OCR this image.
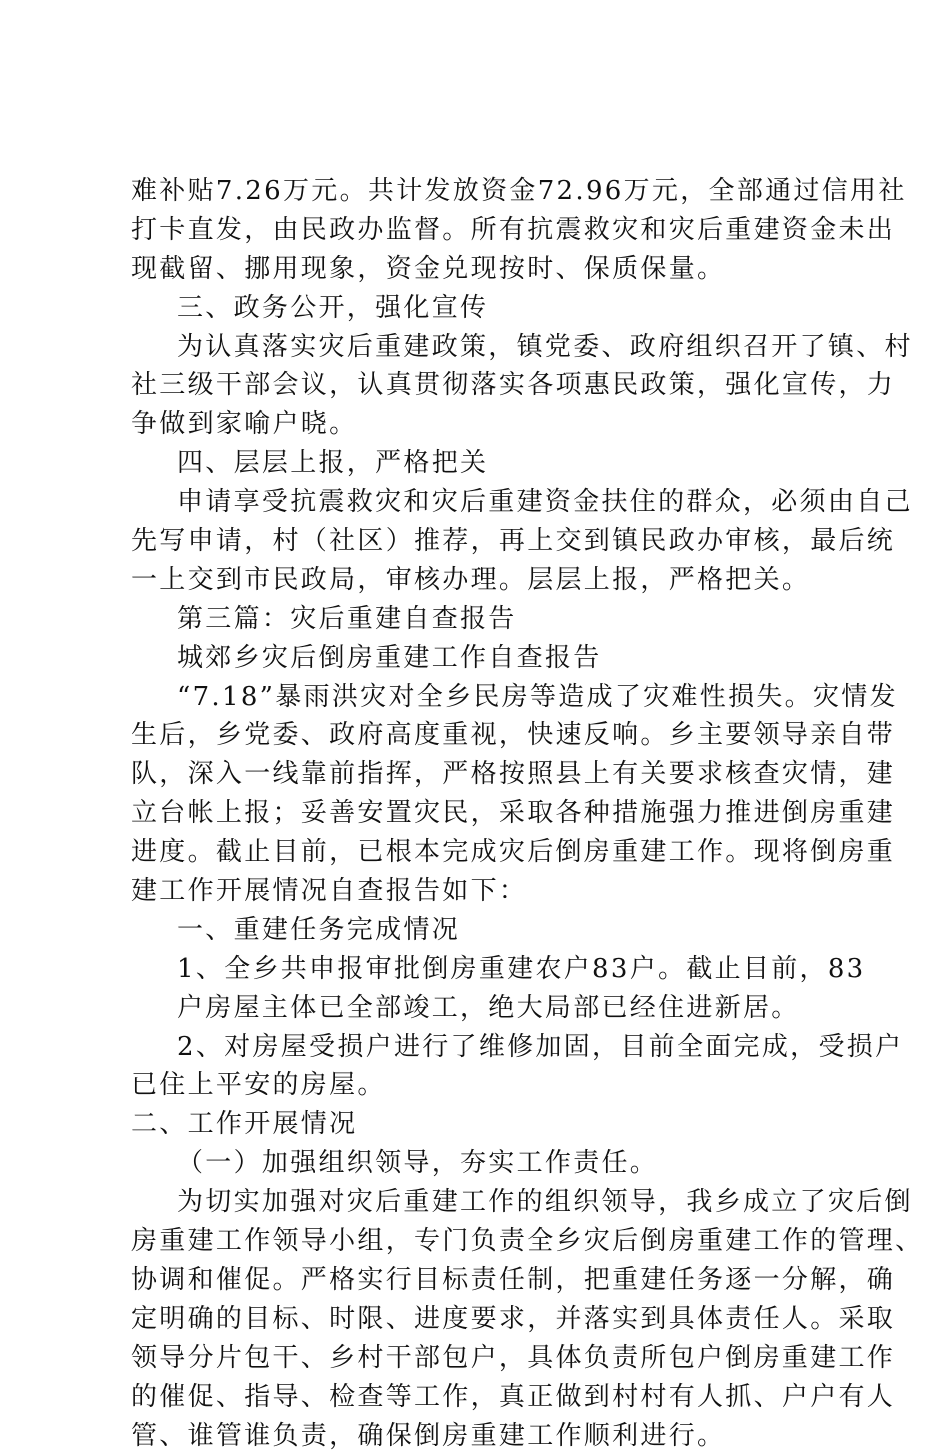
难补贴7.26万元。共计发放资金72.96万元，全部通过信用社
打卡直发，由民政办监督。所有抗震救灾和灾后重建资金未出
现截留、挪用现象，资金兑现按时、保质保量。
三、政务公开，强化宣传
为认真落实灾后重建政策，镇党委、政府组织召开了镇、村
社三级干部会议，认真贯彻落实各项惠民政策，强化宣传，力
争做到家喻户晓。
四、层层上报，严格把关
申请享受抗震救灾和灾后重建资金扶住的群众，必须由自己
先写申请，村（社区）推荐，再上交到镇民政办审核，最后统
一上交到市民政局，审核办理。层层上报，严格把关。
第三篇：灾后重建自查报告
城郊乡灾后倒房重建工作自查报告
“7.18”暴雨洪灾对全乡民房等造成了灾难性损失。灾情发
生后，乡党委、政府高度重视，快速反响。乡主要领导亲自带
队，深入一线靠前指挥，严格按照县上有关要求核查灾情，建
立台帐上报；妥善安置灾民，采取各种措施强力推进倒房重建
进度。截止目前，已根本完成灾后倒房重建工作。现将倒房重
建工作开展情况自查报告如下：
一、重建任务完成情况
1、全乡共申报审批倒房重建农户83户。截止目前，83
户房屋主体已全部竣工，绝大局部已经住进新居。
2、对房屋受损户进行了维修加固，目前全面完成，受损户
已住上平安的房屋。
二、工作开展情况
（一）加强组织领导，夯实工作责任。
为切实加强对灾后重建工作的组织领导，我乡成立了灾后倒
房重建工作领导小组，专门负责全乡灾后倒房重建工作的管理、
协调和催促。严格实行目标责任制，把重建任务逐一分解，确
定明确的目标、时限、进度要求，并落实到具体责任人。采取
领导分片包干、乡村干部包户，具体负责所包户倒房重建工作
的催促、指导、检查等工作，真正做到村村有人抓、户户有人
管、谁管谁负责，确保倒房重建工作顺利进行。
